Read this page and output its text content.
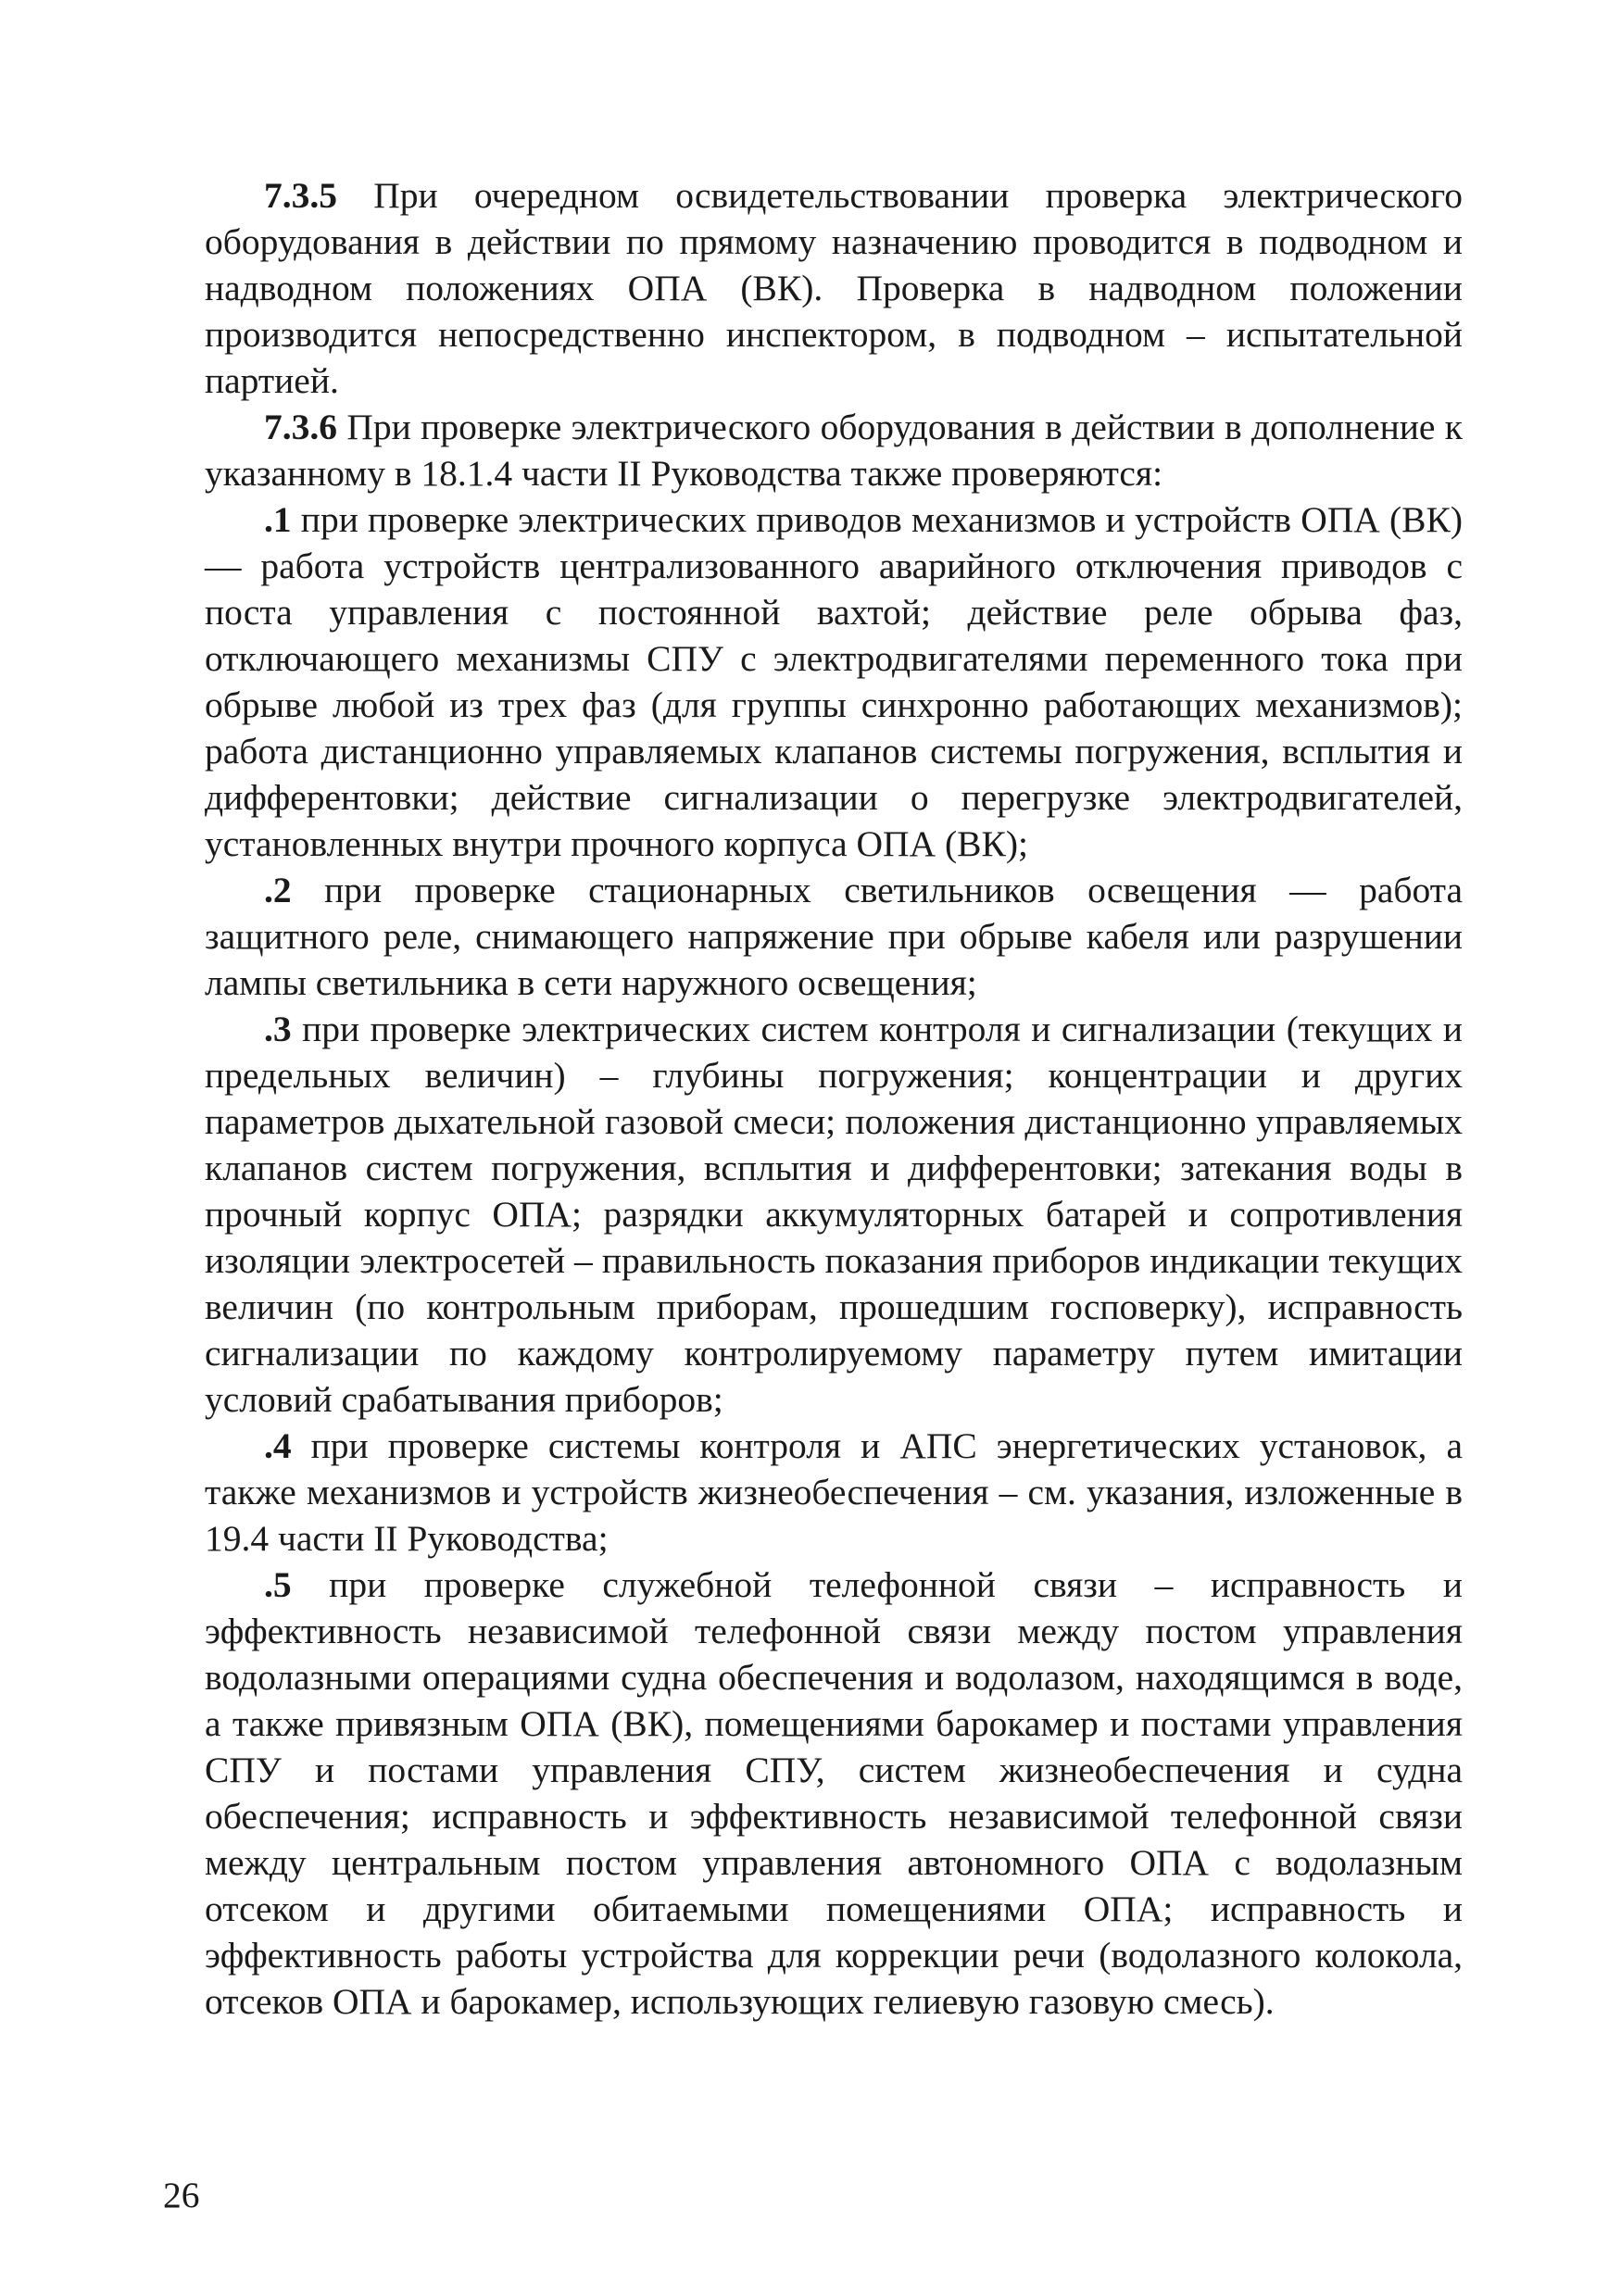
7.3.5 При очередном освидетельствовании проверка электрического оборудования в действии по прямому назначению проводится в подводном и надводном положениях ОПА (ВК). Проверка в надводном положении производится непосредственно инспектором, в подводном – испытательной партией.

7.3.6 При проверке электрического оборудования в действии в дополнение к указанному в 18.1.4 части II Руководства также проверяются:

.1 при проверке электрических приводов механизмов и устройств ОПА (ВК) — работа устройств централизованного аварийного отключения приводов с поста управления с постоянной вахтой; действие реле обрыва фаз, отключающего механизмы СПУ с электродвигателями переменного тока при обрыве любой из трех фаз (для группы синхронно работающих механизмов); работа дистанционно управляемых клапанов системы погружения, всплытия и дифферентовки; действие сигнализации о перегрузке электродвигателей, установленных внутри прочного корпуса ОПА (ВК);

.2 при проверке стационарных светильников освещения — работа защитного реле, снимающего напряжение при обрыве кабеля или разрушении лампы светильника в сети наружного освещения;

.3 при проверке электрических систем контроля и сигнализации (текущих и предельных величин) – глубины погружения; концентрации и других параметров дыхательной газовой смеси; положения дистанционно управляемых клапанов систем погружения, всплытия и дифферентовки; затекания воды в прочный корпус ОПА; разрядки аккумуляторных батарей и сопротивления изоляции электросетей – правильность показания приборов индикации текущих величин (по контрольным приборам, прошедшим госповерку), исправность сигнализации по каждому контролируемому параметру путем имитации условий срабатывания приборов;

.4 при проверке системы контроля и АПС энергетических установок, а также механизмов и устройств жизнеобеспечения – см. указания, изложенные в 19.4 части II Руководства;

.5 при проверке служебной телефонной связи – исправность и эффективность независимой телефонной связи между постом управления водолазными операциями судна обеспечения и водолазом, находящимся в воде, а также привязным ОПА (ВК), помещениями барокамер и постами управления СПУ и постами управления СПУ, систем жизнеобеспечения и судна обеспечения; исправность и эффективность независимой телефонной связи между центральным постом управления автономного ОПА с водолазным отсеком и другими обитаемыми помещениями ОПА; исправность и эффективность работы устройства для коррекции речи (водолазного колокола, отсеков ОПА и барокамер, использующих гелиевую газовую смесь).

26
